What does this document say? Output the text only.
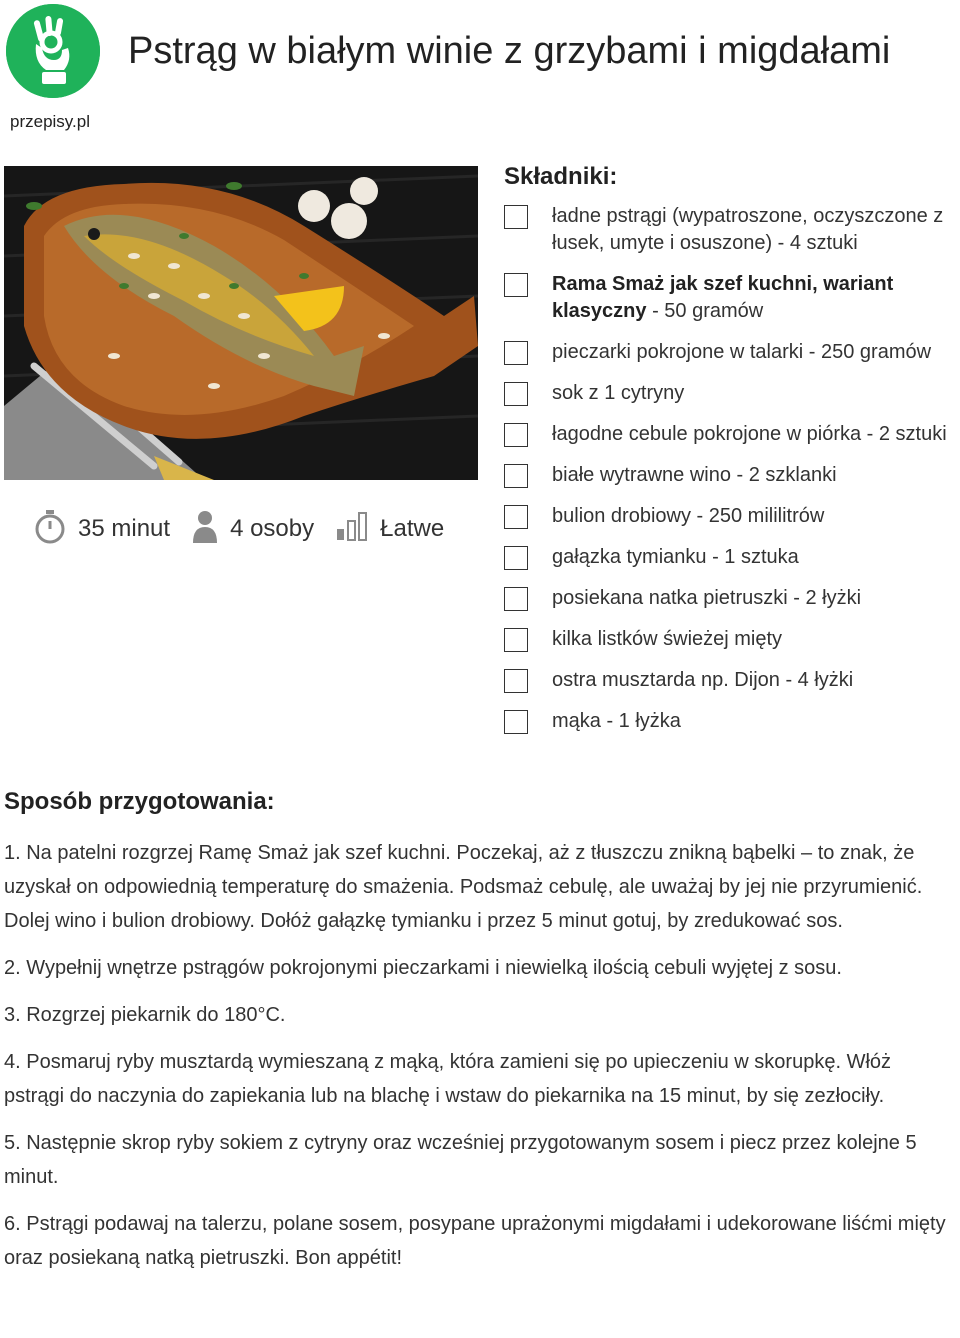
przepisy.pl
Pstrąg w białym winie z grzybami i migdałami
35 minut	4 osoby	Łatwe
Składniki:
ładne pstrągi (wypatroszone, oczyszczone z łusek, umyte i osuszone) - 4 sztuki
Rama Smaż jak szef kuchni, wariant klasyczny - 50 gramów
pieczarki pokrojone w talarki - 250 gramów
sok z 1 cytryny
łagodne cebule pokrojone w piórka - 2 sztuki
białe wytrawne wino - 2 szklanki
bulion drobiowy - 250 mililitrów
gałązka tymianku - 1 sztuka
posiekana natka pietruszki - 2 łyżki
kilka listków świeżej mięty
ostra musztarda np. Dijon - 4 łyżki
mąka - 1 łyżka
Sposób przygotowania:

1. Na patelni rozgrzej Ramę Smaż jak szef kuchni. Poczekaj, aż z tłuszczu znikną bąbelki – to znak, że uzyskał on odpowiednią temperaturę do smażenia. Podsmaż cebulę, ale uważaj by jej nie przyrumienić. Dolej wino i bulion drobiowy. Dołóż gałązkę tymianku i przez 5 minut gotuj, by zredukować sos.

2. Wypełnij wnętrze pstrągów pokrojonymi pieczarkami i niewielką ilością cebuli wyjętej z sosu.

3. Rozgrzej piekarnik do 180°C.

4. Posmaruj ryby musztardą wymieszaną z mąką, która zamieni się po upieczeniu w skorupkę. Włóż pstrągi do naczynia do zapiekania lub na blachę i wstaw do piekarnika na 15 minut, by się zezłociły.

5. Następnie skrop ryby sokiem z cytryny oraz wcześniej przygotowanym sosem i piecz przez kolejne 5 minut.

6. Pstrągi podawaj na talerzu, polane sosem, posypane uprażonymi migdałami i udekorowane liśćmi mięty oraz posiekaną natką pietruszki. Bon appétit!
